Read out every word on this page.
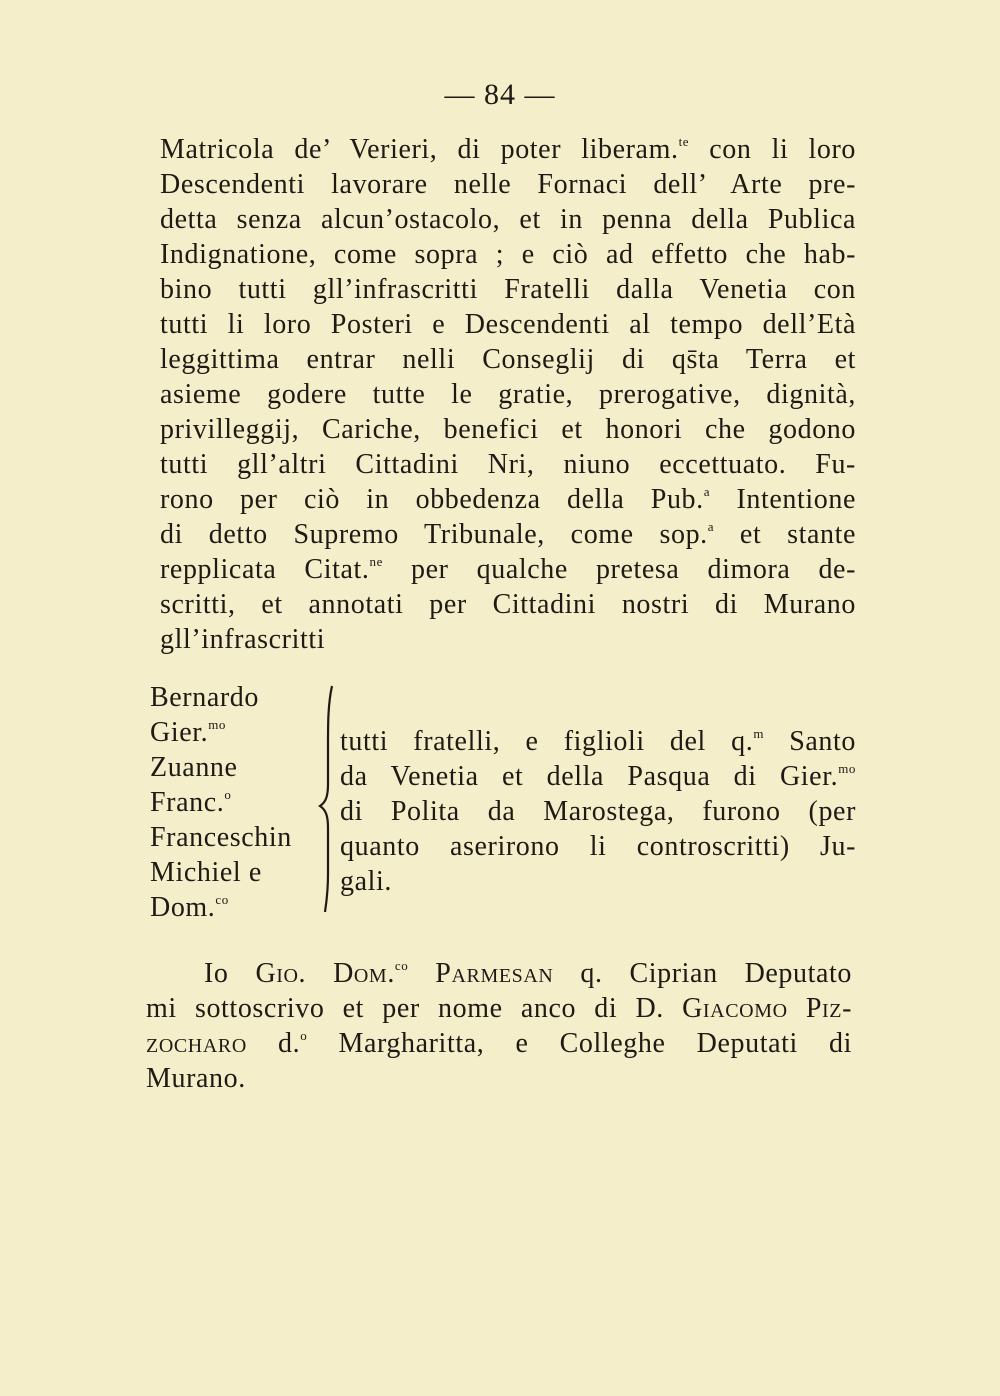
— 84 —
Matricola de’ Verieri, di poter liberam.$^{te}$ con li loro
Descendenti lavorare nelle Fornaci dell’ Arte pre-
detta senza alcun’ostacolo, et in penna della Publica
Indignatione, come sopra ; e ciò ad effetto che hab-
bino tutti gll’infrascritti Fratelli dalla Venetia con
tutti li loro Posteri e Descendenti al tempo dell’Età
leggittima entrar nelli Conseglij di qs̄ta Terra et
asieme godere tutte le gratie, prerogative, dignità,
privilleggij, Cariche, benefici et honori che godono
tutti gll’altri Cittadini Nri, niuno eccettuato. Fu-
rono per ciò in obbedenza della Pub.$^a$ Intentione
di detto Supremo Tribunale, come sop.$^a$ et stante
repplicata Citat.$^{ne}$ per qualche pretesa dimora de-
scritti, et annotati per Cittadini nostri di Murano
gll’infrascritti
Bernardo
Gier.$^{mo}$
Zuanne
Franc.$^o$
Franceschin
Michiel e
Dom.$^{co}$
tutti fratelli, e figlioli del q.$^m$ Santo
da Venetia et della Pasqua di Gier.$^{mo}$
di Polita da Marostega, furono (per
quanto aserirono li controscritti) Ju-
gali.
Io Gio. Dom.$^{co}$ Parmesan q. Ciprian Deputato
mi sottoscrivo et per nome anco di D. Giacomo Piz-
zocharo d.$^o$ Margharitta, e Colleghe Deputati di
Murano.
